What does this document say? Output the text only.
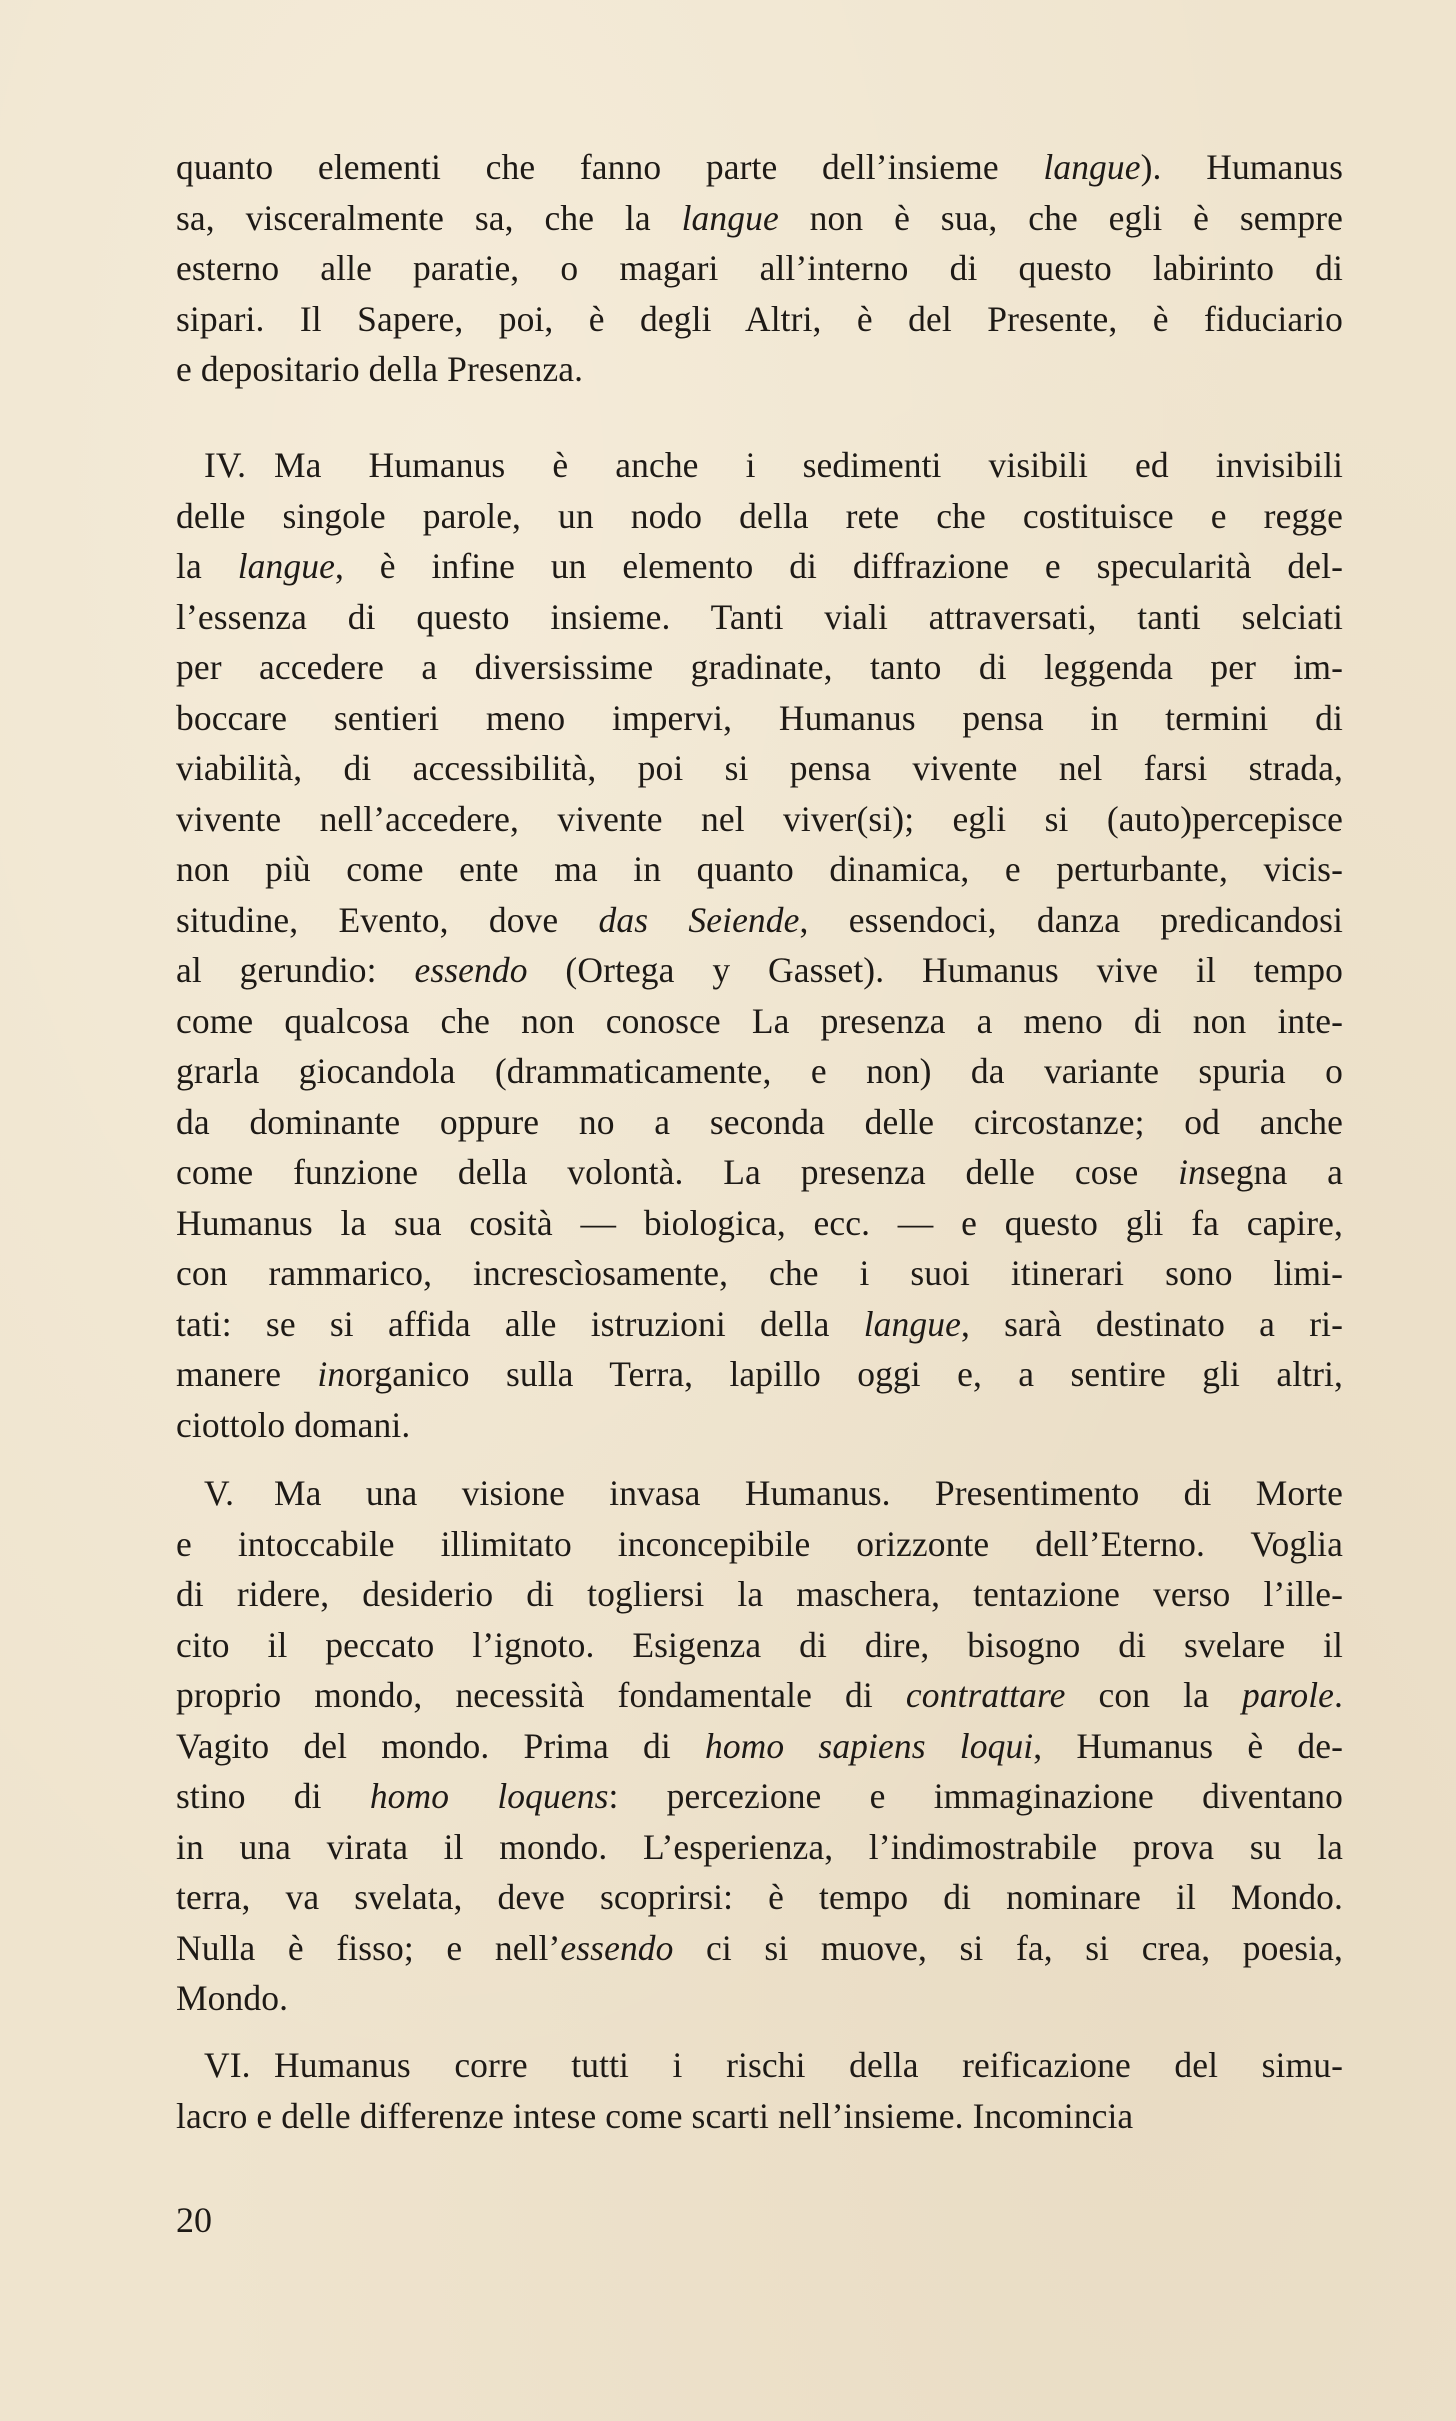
quanto elementi che fanno parte dell’insieme langue). Humanus
sa, visceralmente sa, che la langue non è sua, che egli è sempre
esterno alle paratie, o magari all’interno di questo labirinto di
sipari. Il Sapere, poi, è degli Altri, è del Presente, è fiduciario
e depositario della Presenza.
IV. Ma Humanus è anche i sedimenti visibili ed invisibili
delle singole parole, un nodo della rete che costituisce e regge
la langue, è infine un elemento di diffrazione e specularità del-
l’essenza di questo insieme. Tanti viali attraversati, tanti selciati
per accedere a diversissime gradinate, tanto di leggenda per im-
boccare sentieri meno impervi, Humanus pensa in termini di
viabilità, di accessibilità, poi si pensa vivente nel farsi strada,
vivente nell’accedere, vivente nel viver(si); egli si (auto)percepisce
non più come ente ma in quanto dinamica, e perturbante, vicis-
situdine, Evento, dove das Seiende, essendoci, danza predicandosi
al gerundio: essendo (Ortega y Gasset). Humanus vive il tempo
come qualcosa che non conosce La presenza a meno di non inte-
grarla giocandola (drammaticamente, e non) da variante spuria o
da dominante oppure no a seconda delle circostanze; od anche
come funzione della volontà. La presenza delle cose insegna a
Humanus la sua cosità — biologica, ecc. — e questo gli fa capire,
con rammarico, increscìosamente, che i suoi itinerari sono limi-
tati: se si affida alle istruzioni della langue, sarà destinato a ri-
manere inorganico sulla Terra, lapillo oggi e, a sentire gli altri,
ciottolo domani.
V. Ma una visione invasa Humanus. Presentimento di Morte
e intoccabile illimitato inconcepibile orizzonte dell’Eterno. Voglia
di ridere, desiderio di togliersi la maschera, tentazione verso l’ille-
cito il peccato l’ignoto. Esigenza di dire, bisogno di svelare il
proprio mondo, necessità fondamentale di contrattare con la parole.
Vagito del mondo. Prima di homo sapiens loqui, Humanus è de-
stino di homo loquens: percezione e immaginazione diventano
in una virata il mondo. L’esperienza, l’indimostrabile prova su la
terra, va svelata, deve scoprirsi: è tempo di nominare il Mondo.
Nulla è fisso; e nell’essendo ci si muove, si fa, si crea, poesia,
Mondo.
VI. Humanus corre tutti i rischi della reificazione del simu-
lacro e delle differenze intese come scarti nell’insieme. Incomincia
20
